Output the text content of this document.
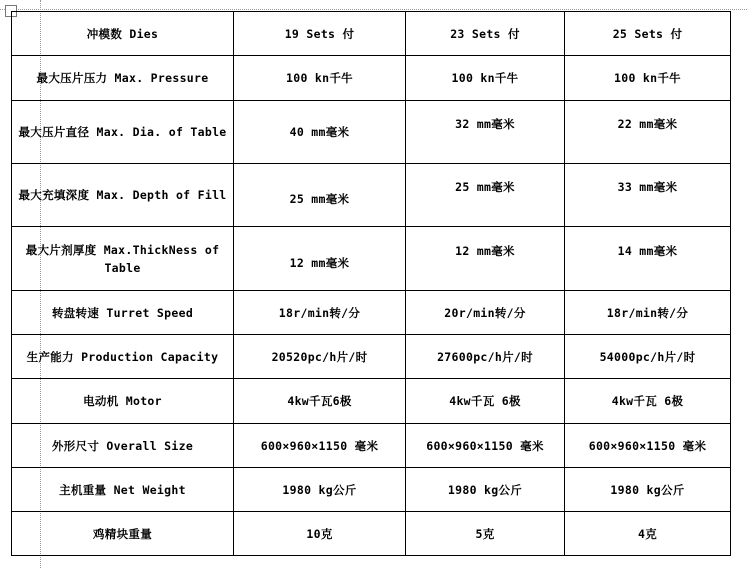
冲模数 Dies	19 Sets 付	23 Sets 付	25 Sets 付
最大压片压力 Max. Pressure	100 kn千牛	100 kn千牛	100 kn千牛
最大压片直径 Max. Dia. of Table	40 mm毫米	32 mm毫米	22 mm毫米
最大充填深度 Max. Depth of Fill	25 mm毫米	25 mm毫米	33 mm毫米
最大片剂厚度 Max.ThickNess of Table	12 mm毫米	12 mm毫米	14 mm毫米
转盘转速 Turret Speed	18r/min转/分	20r/min转/分	18r/min转/分
生产能力 Production Capacity	20520pc/h片/时	27600pc/h片/时	54000pc/h片/时
电动机 Motor	4kw千瓦6极	4kw千瓦 6极	4kw千瓦 6极
外形尺寸 Overall Size	600×960×1150 毫米	600×960×1150 毫米	600×960×1150 毫米
主机重量 Net Weight	1980 kg公斤	1980 kg公斤	1980 kg公斤
鸡精块重量	10克	5克	4克
